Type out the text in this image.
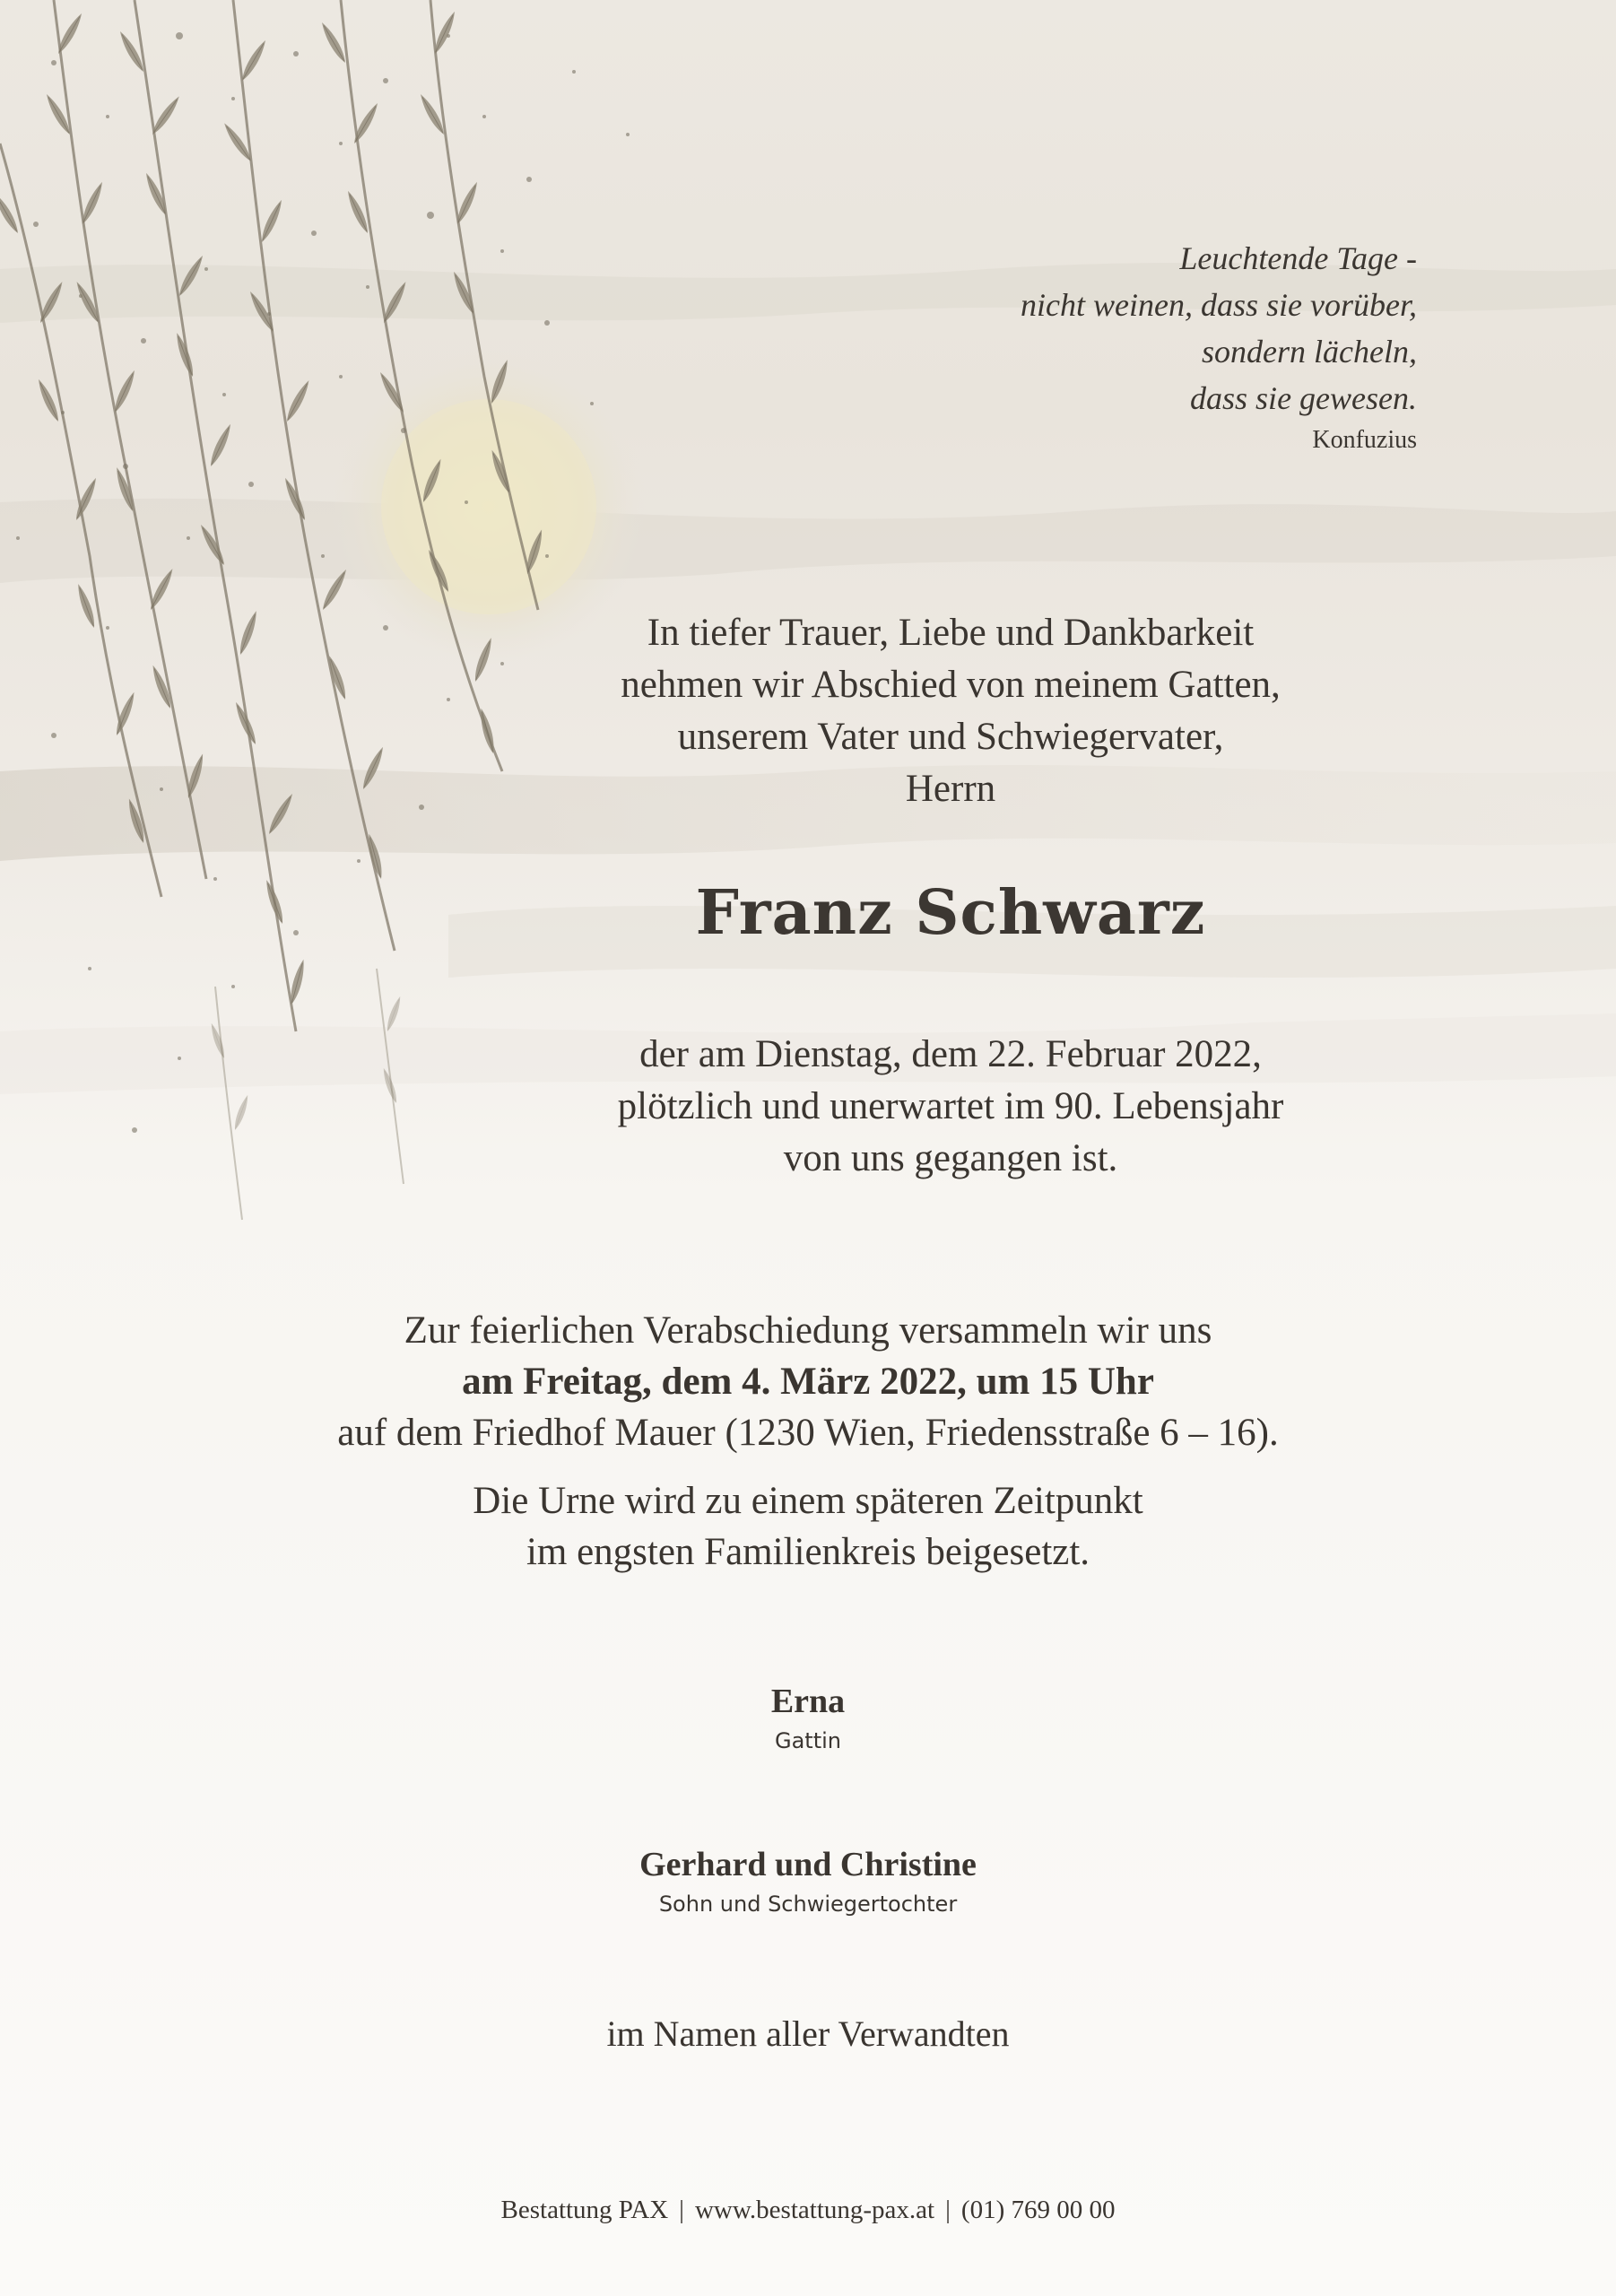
Leuchtende Tage -
nicht weinen, dass sie vorüber,
sondern lächeln,
dass sie gewesen.
Konfuzius
In tiefer Trauer, Liebe und Dankbarkeit
nehmen wir Abschied von meinem Gatten,
unserem Vater und Schwiegervater,
Herrn
Franz Schwarz
der am Dienstag, dem 22. Februar 2022,
plötzlich und unerwartet im 90. Lebensjahr
von uns gegangen ist.
Zur feierlichen Verabschiedung versammeln wir uns
am Freitag, dem 4. März 2022, um 15 Uhr
auf dem Friedhof Mauer (1230 Wien, Friedensstraße 6 – 16).
Die Urne wird zu einem späteren Zeitpunkt
im engsten Familienkreis beigesetzt.
Erna
Gattin
Gerhard und Christine
Sohn und Schwiegertochter
im Namen aller Verwandten
Bestattung PAX | www.bestattung-pax.at | (01) 769 00 00
